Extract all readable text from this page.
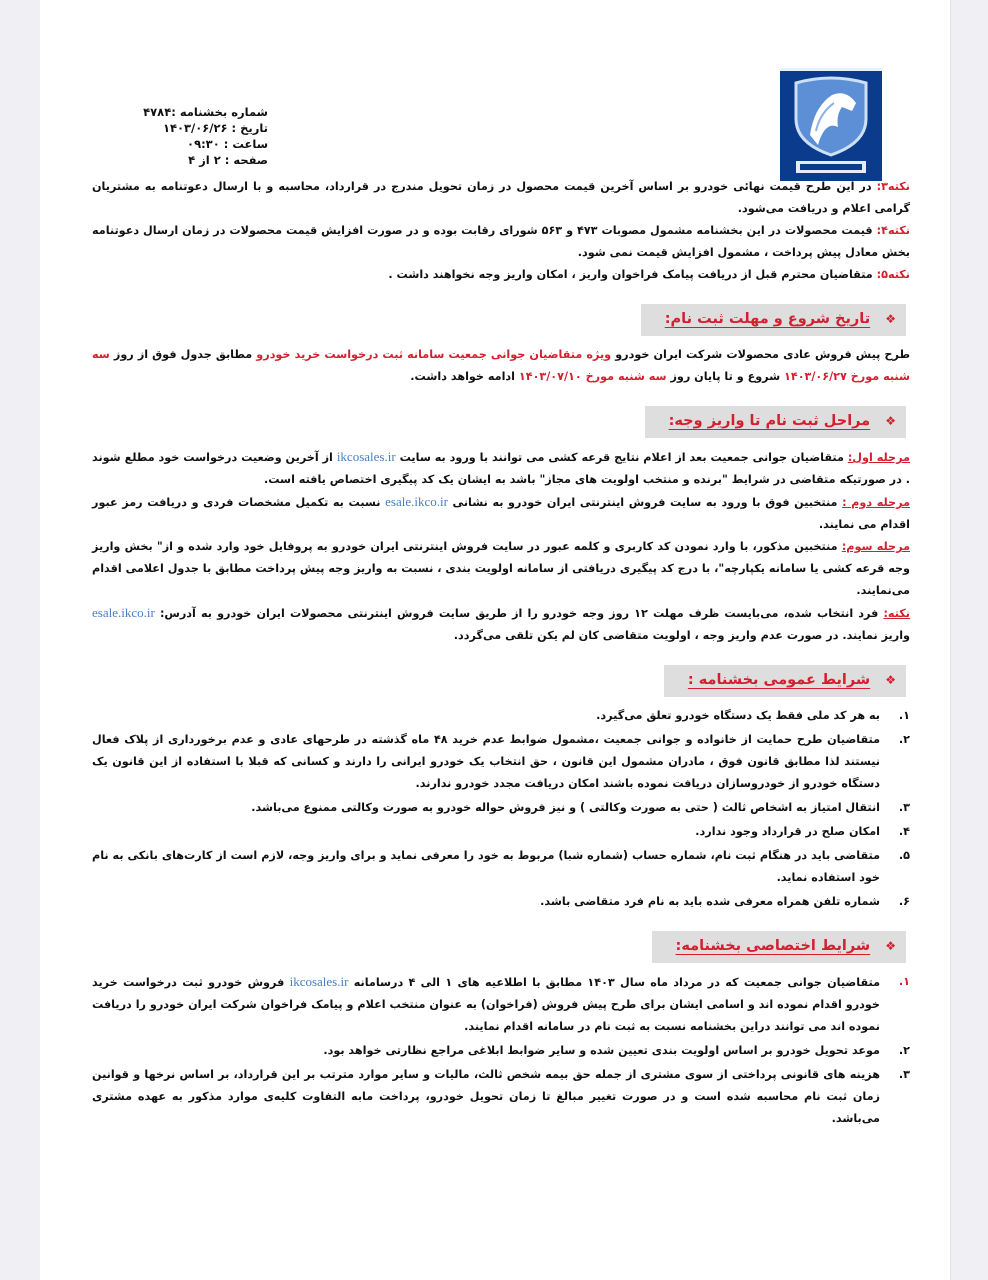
شماره بخشنامه :۴۷۸۴
تاریخ : ۱۴۰۳/۰۶/۲۶
ساعت : ۰۹:۳۰
صفحه : ۲ از ۴

نکته۳: در این طرح قیمت نهائی خودرو بر اساس آخرین قیمت محصول در زمان تحویل مندرج در قرارداد، محاسبه و با ارسال دعوتنامه به مشتریان گرامی اعلام و دریافت می‌شود.

نکته۴: قیمت محصولات در این بخشنامه مشمول مصوبات ۴۷۳ و ۵۶۳ شورای رقابت بوده و در صورت افزایش قیمت محصولات در زمان ارسال دعوتنامه بخش معادل پیش پرداخت ، مشمول افزایش قیمت نمی شود.

نکته۵: متقاضیان محترم قبل از دریافت پیامک فراخوان واریز ، امکان واریز وجه نخواهند داشت .

❖ تاریخ شروع و مهلت ثبت نام:

طرح پیش فروش عادی محصولات شرکت ایران خودرو ویژه متقاضیان جوانی جمعیت سامانه ثبت درخواست خرید خودرو مطابق جدول فوق از روز سه شنبه مورخ ۱۴۰۳/۰۶/۲۷ شروع و تا پایان روز سه شنبه مورخ ۱۴۰۳/۰۷/۱۰ ادامه خواهد داشت.

❖ مراحل ثبت نام تا واریز وجه:

مرحله اول: متقاضیان جوانی جمعیت بعد از اعلام نتایج قرعه کشی می توانند با ورود به سایت ikcosales.ir از آخرین وضعیت درخواست خود مطلع شوند . در صورتیکه متقاضی در شرایط "برنده و منتخب اولویت های مجاز" باشد به ایشان یک کد پیگیری اختصاص یافته است.

مرحله دوم : منتخبین فوق با ورود به سایت فروش اینترنتی ایران خودرو به نشانی esale.ikco.ir نسبت به تکمیل مشخصات فردی و دریافت رمز عبور اقدام می نمایند.

مرحله سوم: منتخبین مذکور، با وارد نمودن کد کاربری و کلمه عبور در سایت فروش اینترنتی ایران خودرو به پروفایل خود وارد شده و از" بخش واریز وجه قرعه کشی یا سامانه یکپارچه"، با درج کد پیگیری دریافتی از سامانه اولویت بندی ، نسبت به واریز وجه پیش پرداخت مطابق با جدول اعلامی اقدام می‌نمایند.

نکته: فرد انتخاب شده، می‌بایست ظرف مهلت ۱۲ روز وجه خودرو را از طریق سایت فروش اینترنتی محصولات ایران خودرو به آدرس: esale.ikco.ir واریز نمایند. در صورت عدم واریز وجه ، اولویت متقاضی کان لم یکن تلقی می‌گردد.

❖ شرایط عمومی بخشنامه :
۱.
به هر کد ملی فقط یک دستگاه خودرو تعلق می‌گیرد.
۲.
متقاضیان طرح حمایت از خانواده و جوانی جمعیت ،مشمول ضوابط عدم خرید ۴۸ ماه گذشته در طرحهای عادی و عدم برخورداری از پلاک فعال نیستند لذا مطابق قانون فوق ، مادران مشمول این قانون ، حق انتخاب یک خودرو ایرانی را دارند و کسانی که قبلا با استفاده از این قانون یک دستگاه خودرو از خودروسازان دریافت نموده باشند امکان دریافت مجدد خودرو ندارند.
۳.
انتقال امتیاز به اشخاص ثالث ( حتی به صورت وکالتی ) و نیز فروش حواله خودرو به صورت وکالتی ممنوع می‌باشد.
۴.
امکان صلح در قرارداد وجود ندارد.
۵.
متقاضی باید در هنگام ثبت نام، شماره حساب (شماره شبا) مربوط به خود را معرفی نماید و برای واریز وجه، لازم است از کارت‌های بانکی به نام خود استفاده نماید.
۶.
شماره تلفن همراه معرفی شده باید به نام فرد متقاضی باشد.
❖ شرایط اختصاصی بخشنامه:
۱.
متقاضیان جوانی جمعیت که در مرداد ماه سال ۱۴۰۳ مطابق با اطلاعیه های ۱ الی ۴ درسامانه ikcosales.ir فروش خودرو ثبت درخواست خرید خودرو اقدام نموده اند و اسامی ایشان برای طرح پیش فروش (فراخوان) به عنوان منتخب اعلام و پیامک فراخوان شرکت ایران خودرو را دریافت نموده اند می توانند دراین بخشنامه نسبت به ثبت نام در سامانه اقدام نمایند.
۲.
موعد تحویل خودرو بر اساس اولویت بندی تعیین شده و سایر ضوابط ابلاغی مراجع نظارتی خواهد بود.
۳.
هزینه های قانونی پرداختی از سوی مشتری از جمله حق بیمه شخص ثالث، مالیات و سایر موارد مترتب بر این قرارداد، بر اساس نرخها و قوانین زمان ثبت نام محاسبه شده است و در صورت تغییر مبالغ تا زمان تحویل خودرو، پرداخت مابه التفاوت کلیه‌ی موارد مذکور به عهده مشتری می‌باشد.
